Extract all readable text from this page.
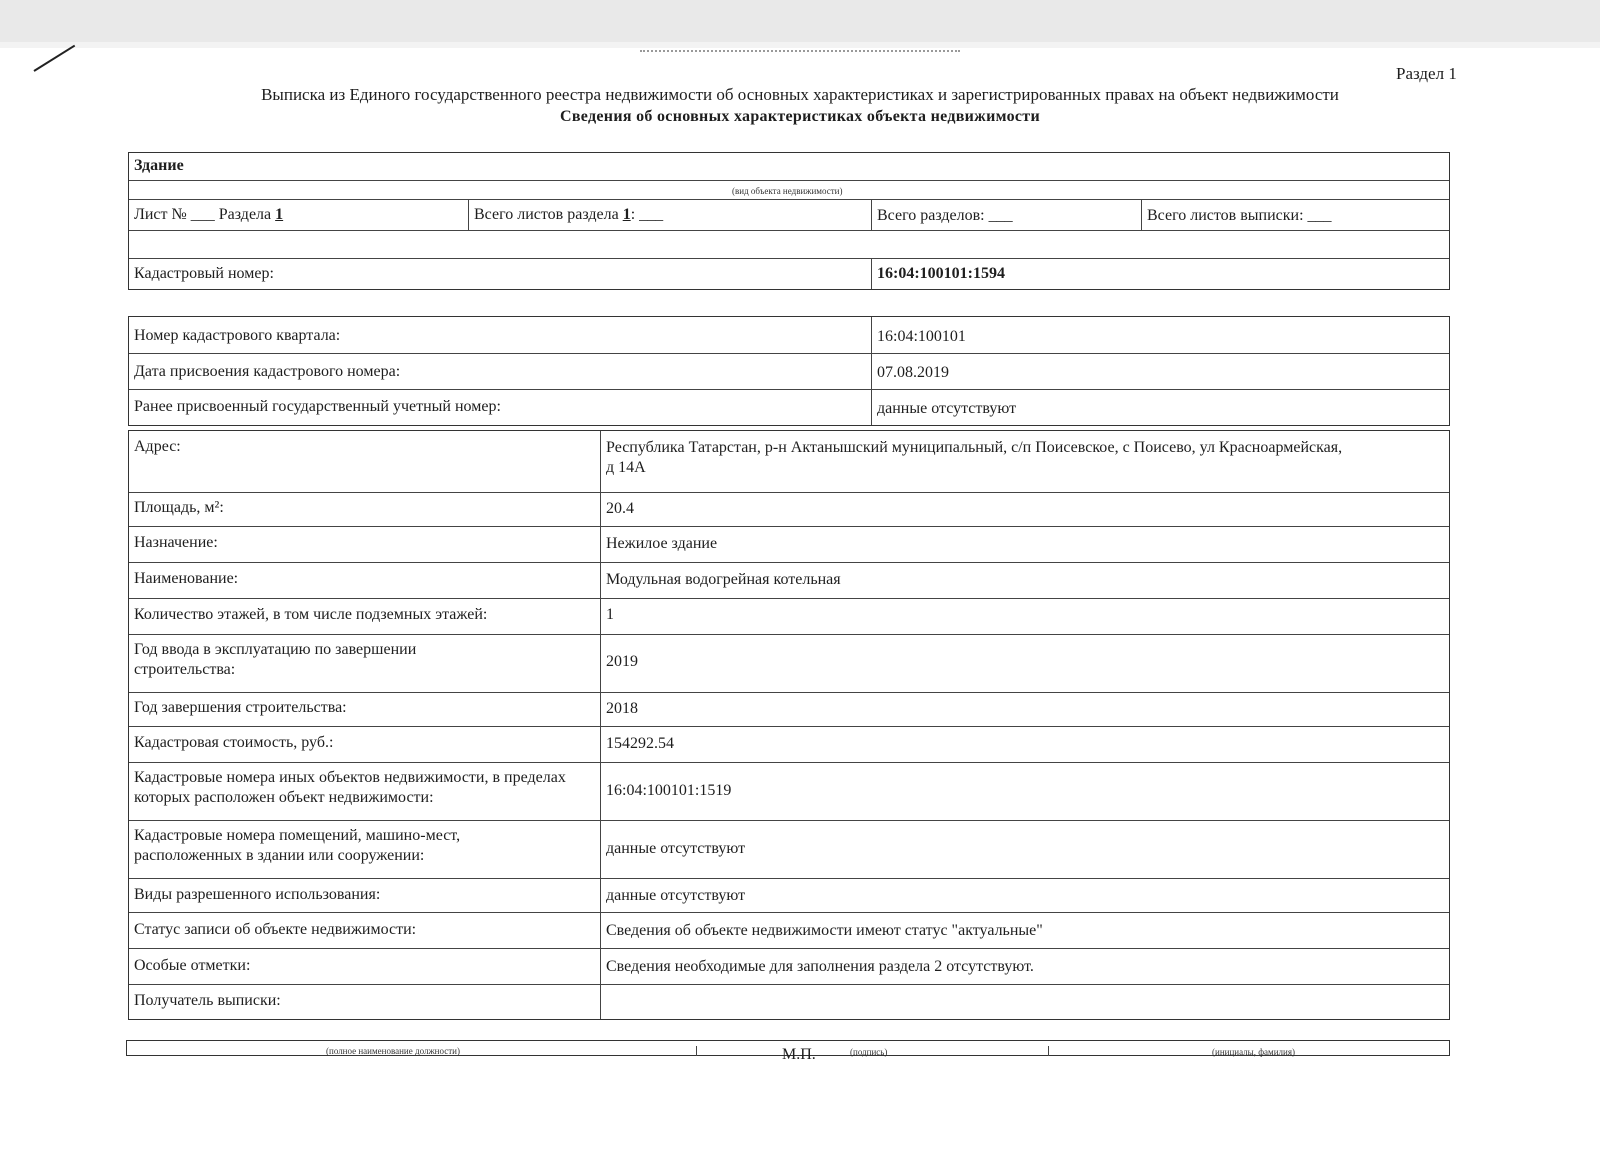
Раздел 1
Выписка из Единого государственного реестра недвижимости об основных характеристиках и зарегистрированных правах на объект недвижимости
Сведения об основных характеристиках объекта недвижимости
Здание
(вид объекта недвижимости)
Лист № ___ Раздела 1	Всего листов раздела 1: ___	Всего разделов: ___	Всего листов выписки: ___
Кадастровый номер:	16:04:100101:1594
Номер кадастрового квартала:	16:04:100101
Дата присвоения кадастрового номера:	07.08.2019
Ранее присвоенный государственный учетный номер:	данные отсутствуют
Адрес:	Республика Татарстан, р-н Актанышский муниципальный, с/п Поисевское, с Поисево, ул Красноармейская, д 14А
Площадь, м²:	20.4
Назначение:	Нежилое здание
Наименование:	Модульная водогрейная котельная
Количество этажей, в том числе подземных этажей:	1
Год ввода в эксплуатацию по завершении строительства:	2019
Год завершения строительства:	2018
Кадастровая стоимость, руб.:	154292.54
Кадастровые номера иных объектов недвижимости, в пределах которых расположен объект недвижимости:	16:04:100101:1519
Кадастровые номера помещений, машино-мест, расположенных в здании или сооружении:	данные отсутствуют
Виды разрешенного использования:	данные отсутствуют
Статус записи об объекте недвижимости:	Сведения об объекте недвижимости имеют статус "актуальные"
Особые отметки:	Сведения необходимые для заполнения раздела 2 отсутствуют.
Получатель выписки:
(полное наименование должности)	(подпись)	(инициалы, фамилия)
М.П.
